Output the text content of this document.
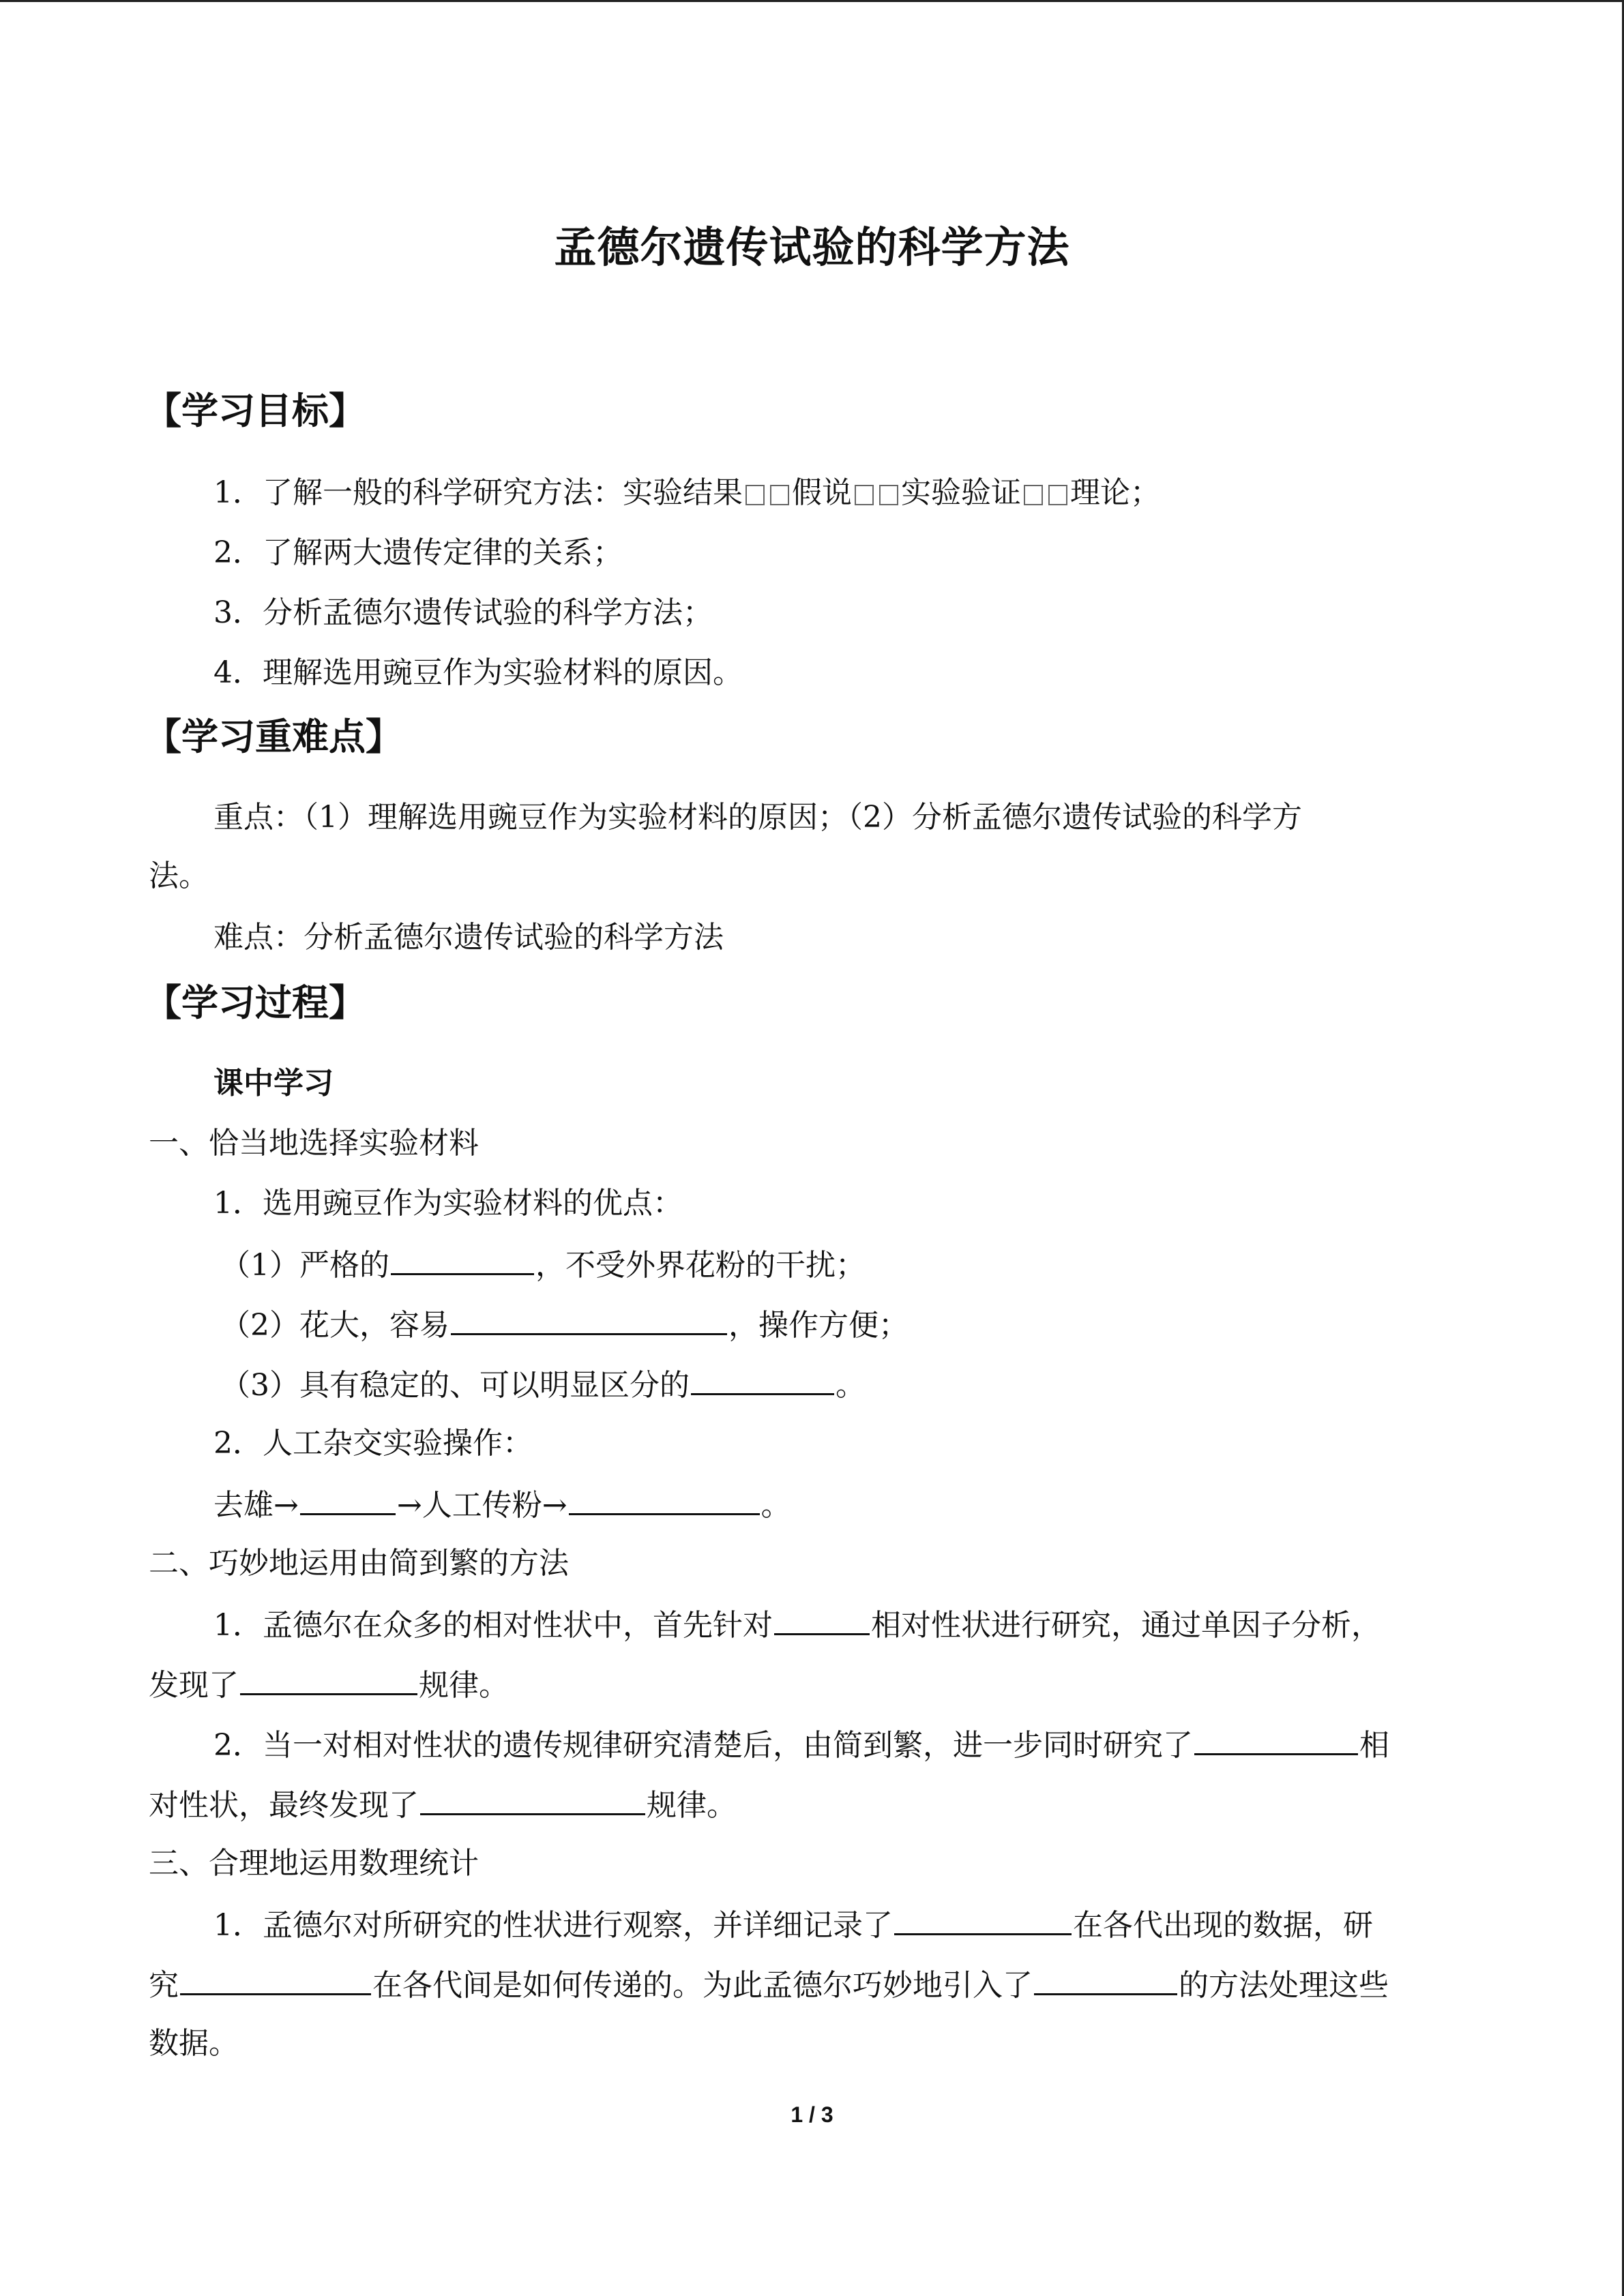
孟德尔遗传试验的科学方法
【学习目标】
1．了解一般的科学研究方法：实验结果 假说 实验验证 理论；
2．了解两大遗传定律的关系；
3．分析孟德尔遗传试验的科学方法；
4．理解选用豌豆作为实验材料的原因。
【学习重难点】
重点：（1）理解选用豌豆作为实验材料的原因；（2）分析孟德尔遗传试验的科学方
法。
难点：分析孟德尔遗传试验的科学方法
【学习过程】
课中学习
一、恰当地选择实验材料
1．选用豌豆作为实验材料的优点：
（1）严格的	，不受外界花粉的干扰；
（2）花大，容易	，操作方便；
（3）具有稳定的、可以明显区分的	。
2．人工杂交实验操作：
去雄→	→人工传粉→	。
二、巧妙地运用由简到繁的方法
1．孟德尔在众多的相对性状中，首先针对	相对性状进行研究，通过单因子分析，
发现了	规律。
2．当一对相对性状的遗传规律研究清楚后，由简到繁，进一步同时研究了	相
对性状，最终发现了	规律。
三、合理地运用数理统计
1．孟德尔对所研究的性状进行观察，并详细记录了	在各代出现的数据，研
究	在各代间是如何传递的。为此孟德尔巧妙地引入了	的方法处理这些
数据。
1 / 3
